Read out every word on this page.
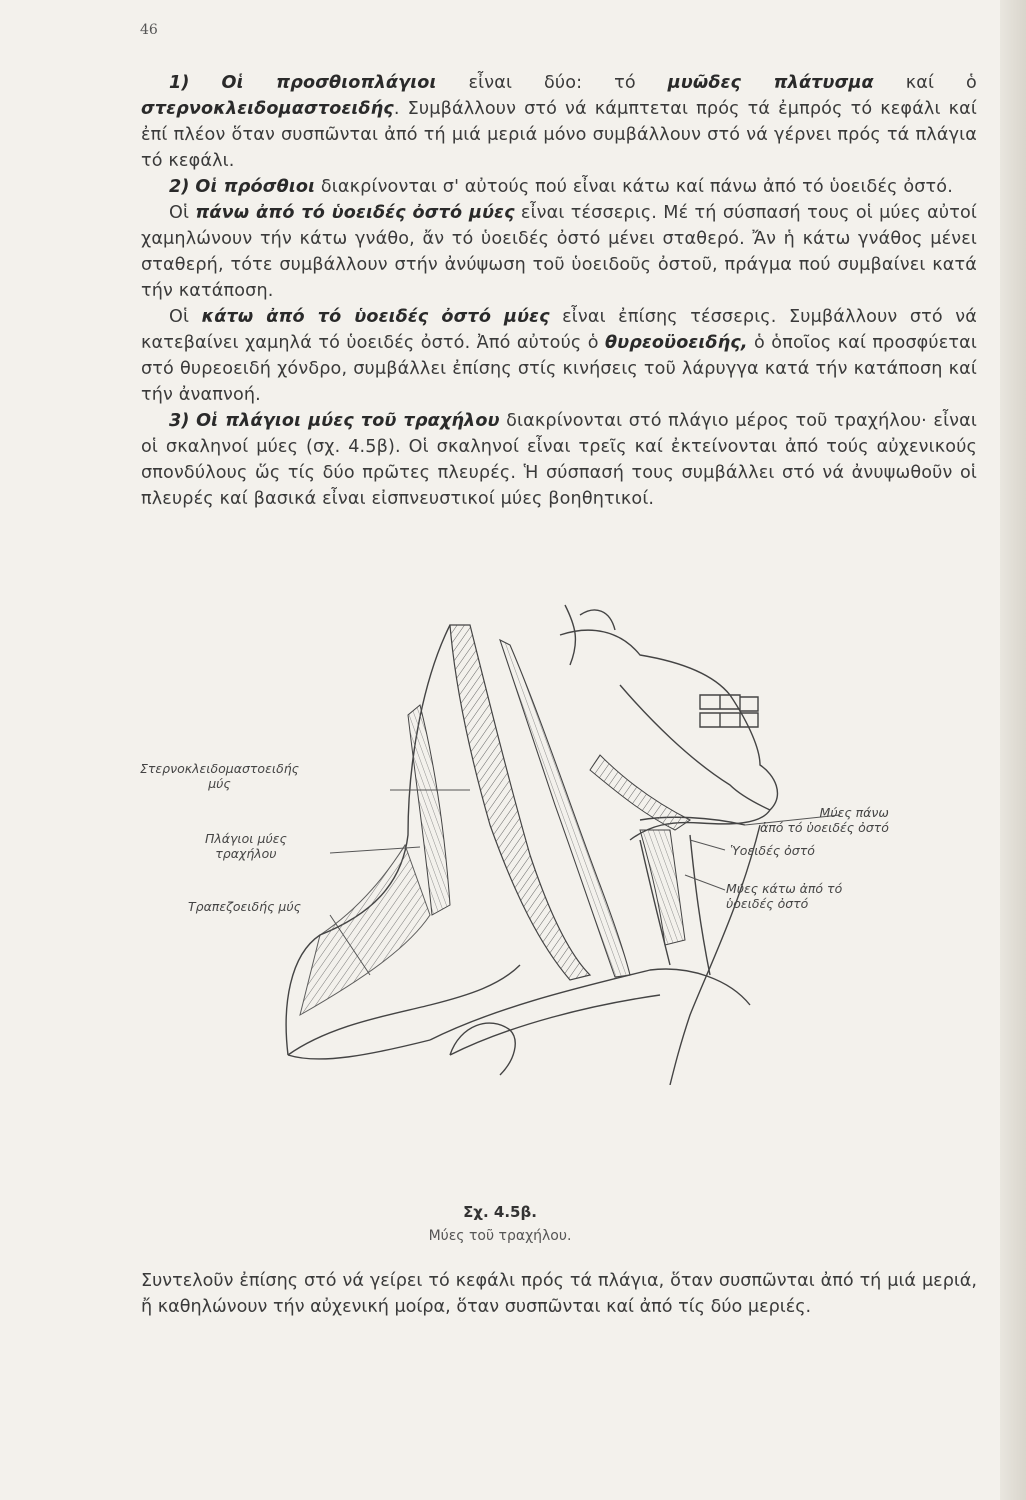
46

1) Οἱ προσθιοπλάγιοι εἶναι δύο: τό μυῶδες πλάτυσμα καί ὁ στερνοκλειδομαστοειδής. Συμβάλλουν στό νά κάμπτεται πρός τά ἐμπρός τό κεφάλι καί ἐπί πλέον ὅταν συσπῶνται ἀπό τή μιά μεριά μόνο συμβάλλουν στό νά γέρνει πρός τά πλάγια τό κεφάλι.

2) Οἱ πρόσθιοι διακρίνονται σ' αὐτούς πού εἶναι κάτω καί πάνω ἀπό τό ὑοειδές ὀστό.

Οἱ πάνω ἀπό τό ὑοειδές ὀστό μύες εἶναι τέσσερις. Μέ τή σύσπασή τους οἱ μύες αὐτοί χαμηλώνουν τήν κάτω γνάθο, ἄν τό ὑοειδές ὀστό μένει σταθερό. Ἄν ἡ κάτω γνάθος μένει σταθερή, τότε συμβάλλουν στήν ἀνύψωση τοῦ ὑοειδοῦς ὀστοῦ, πράγμα πού συμβαίνει κατά τήν κατάποση.

Οἱ κάτω ἀπό τό ὑοειδές ὀστό μύες εἶναι ἐπίσης τέσσερις. Συμβάλλουν στό νά κατεβαίνει χαμηλά τό ὑοειδές ὀστό. Ἀπό αὐτούς ὁ θυρεοϋοειδής, ὁ ὁποῖος καί προσφύεται στό θυρεοειδή χόνδρο, συμβάλλει ἐπίσης στίς κινήσεις τοῦ λάρυγγα κατά τήν κατάποση καί τήν ἀναπνοή.

3) Οἱ πλάγιοι μύες τοῦ τραχήλου διακρίνονται στό πλάγιο μέρος τοῦ τραχήλου· εἶναι οἱ σκαληνοί μύες (σχ. 4.5β). Οἱ σκαληνοί εἶναι τρεῖς καί ἐκτείνονται ἀπό τούς αὐχενικούς σπονδύλους ὥς τίς δύο πρῶτες πλευρές. Ἡ σύσπασή τους συμβάλλει στό νά ἀνυψωθοῦν οἱ πλευρές καί βασικά εἶναι εἰσπνευστικοί μύες βοηθητικοί.

Στερνοκλειδομαστοειδής
μύς
Πλάγιοι μύες
τραχήλου
Τραπεζοειδής μύς
Μύες πάνω
ἀπό τό ὑοειδές ὀστό
Ὑοειδές ὀστό
Μύες κάτω ἀπό τό
ὑοειδές ὀστό
Σχ. 4.5β.
Μύες τοῦ τραχήλου.
Συντελοῦν ἐπίσης στό νά γείρει τό κεφάλι πρός τά πλάγια, ὅταν συσπῶνται ἀπό τή μιά μεριά, ἤ καθηλώνουν τήν αὐχενική μοίρα, ὅταν συσπῶνται καί ἀπό τίς δύο μεριές.
